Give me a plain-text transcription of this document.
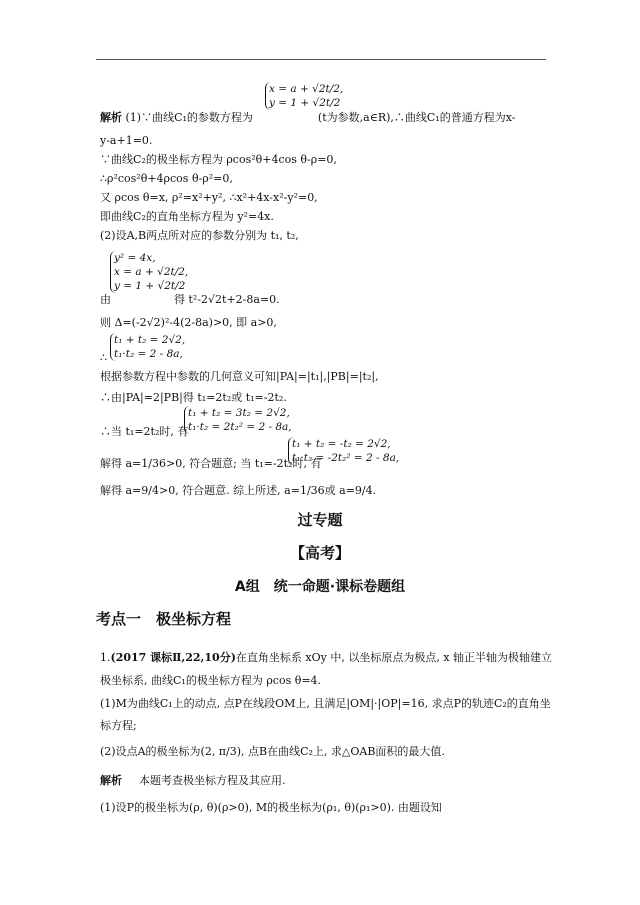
x = a + √2t/2,
y = 1 + √2t/2
解析 (1)∵曲线C₁的参数方程为	(t为参数,a∈R),∴曲线C₁的普通方程为x-
y-a+1=0.
∵曲线C₂的极坐标方程为 ρcos²θ+4cos θ-ρ=0,
∴ρ²cos²θ+4ρcos θ-ρ²=0,
又 ρcos θ=x, ρ²=x²+y², ∴x²+4x-x²-y²=0,
即曲线C₂的直角坐标方程为 y²=4x.
(2)设A,B两点所对应的参数分别为 t₁, t₂,
y² = 4x,
x = a + √2t/2,
y = 1 + √2t/2
由	得 t²-2√2t+2-8a=0.
则 Δ=(-2√2)²-4(2-8a)>0, 即 a>0,
t₁ + t₂ = 2√2,
t₁·t₂ = 2 - 8a,
∴
根据参数方程中参数的几何意义可知|PA|=|t₁|,|PB|=|t₂|,
∴由|PA|=2|PB|得 t₁=2t₂或 t₁=-2t₂.
t₁ + t₂ = 3t₂ = 2√2,
t₁·t₂ = 2t₂² = 2 - 8a,
∴当 t₁=2t₂时, 有
t₁ + t₂ = -t₂ = 2√2,
t₁·t₂ = -2t₂² = 2 - 8a,
解得 a=1/36>0, 符合题意; 当 t₁=-2t₂时, 有
解得 a=9/4>0, 符合题意. 综上所述, a=1/36或 a=9/4.
过专题
【高考】
A组　统一命题·课标卷题组
考点一　极坐标方程
1.(2017 课标Ⅱ,22,10分)在直角坐标系 xOy 中, 以坐标原点为极点, x 轴正半轴为极轴建立
极坐标系, 曲线C₁的极坐标方程为 ρcos θ=4.
(1)M为曲线C₁上的动点, 点P在线段OM上, 且满足|OM|·|OP|=16, 求点P的轨迹C₂的直角坐
标方程;
(2)设点A的极坐标为(2, π/3), 点B在曲线C₂上, 求△OAB面积的最大值.
解析 本题考查极坐标方程及其应用.
(1)设P的极坐标为(ρ, θ)(ρ>0), M的极坐标为(ρ₁, θ)(ρ₁>0). 由题设知
